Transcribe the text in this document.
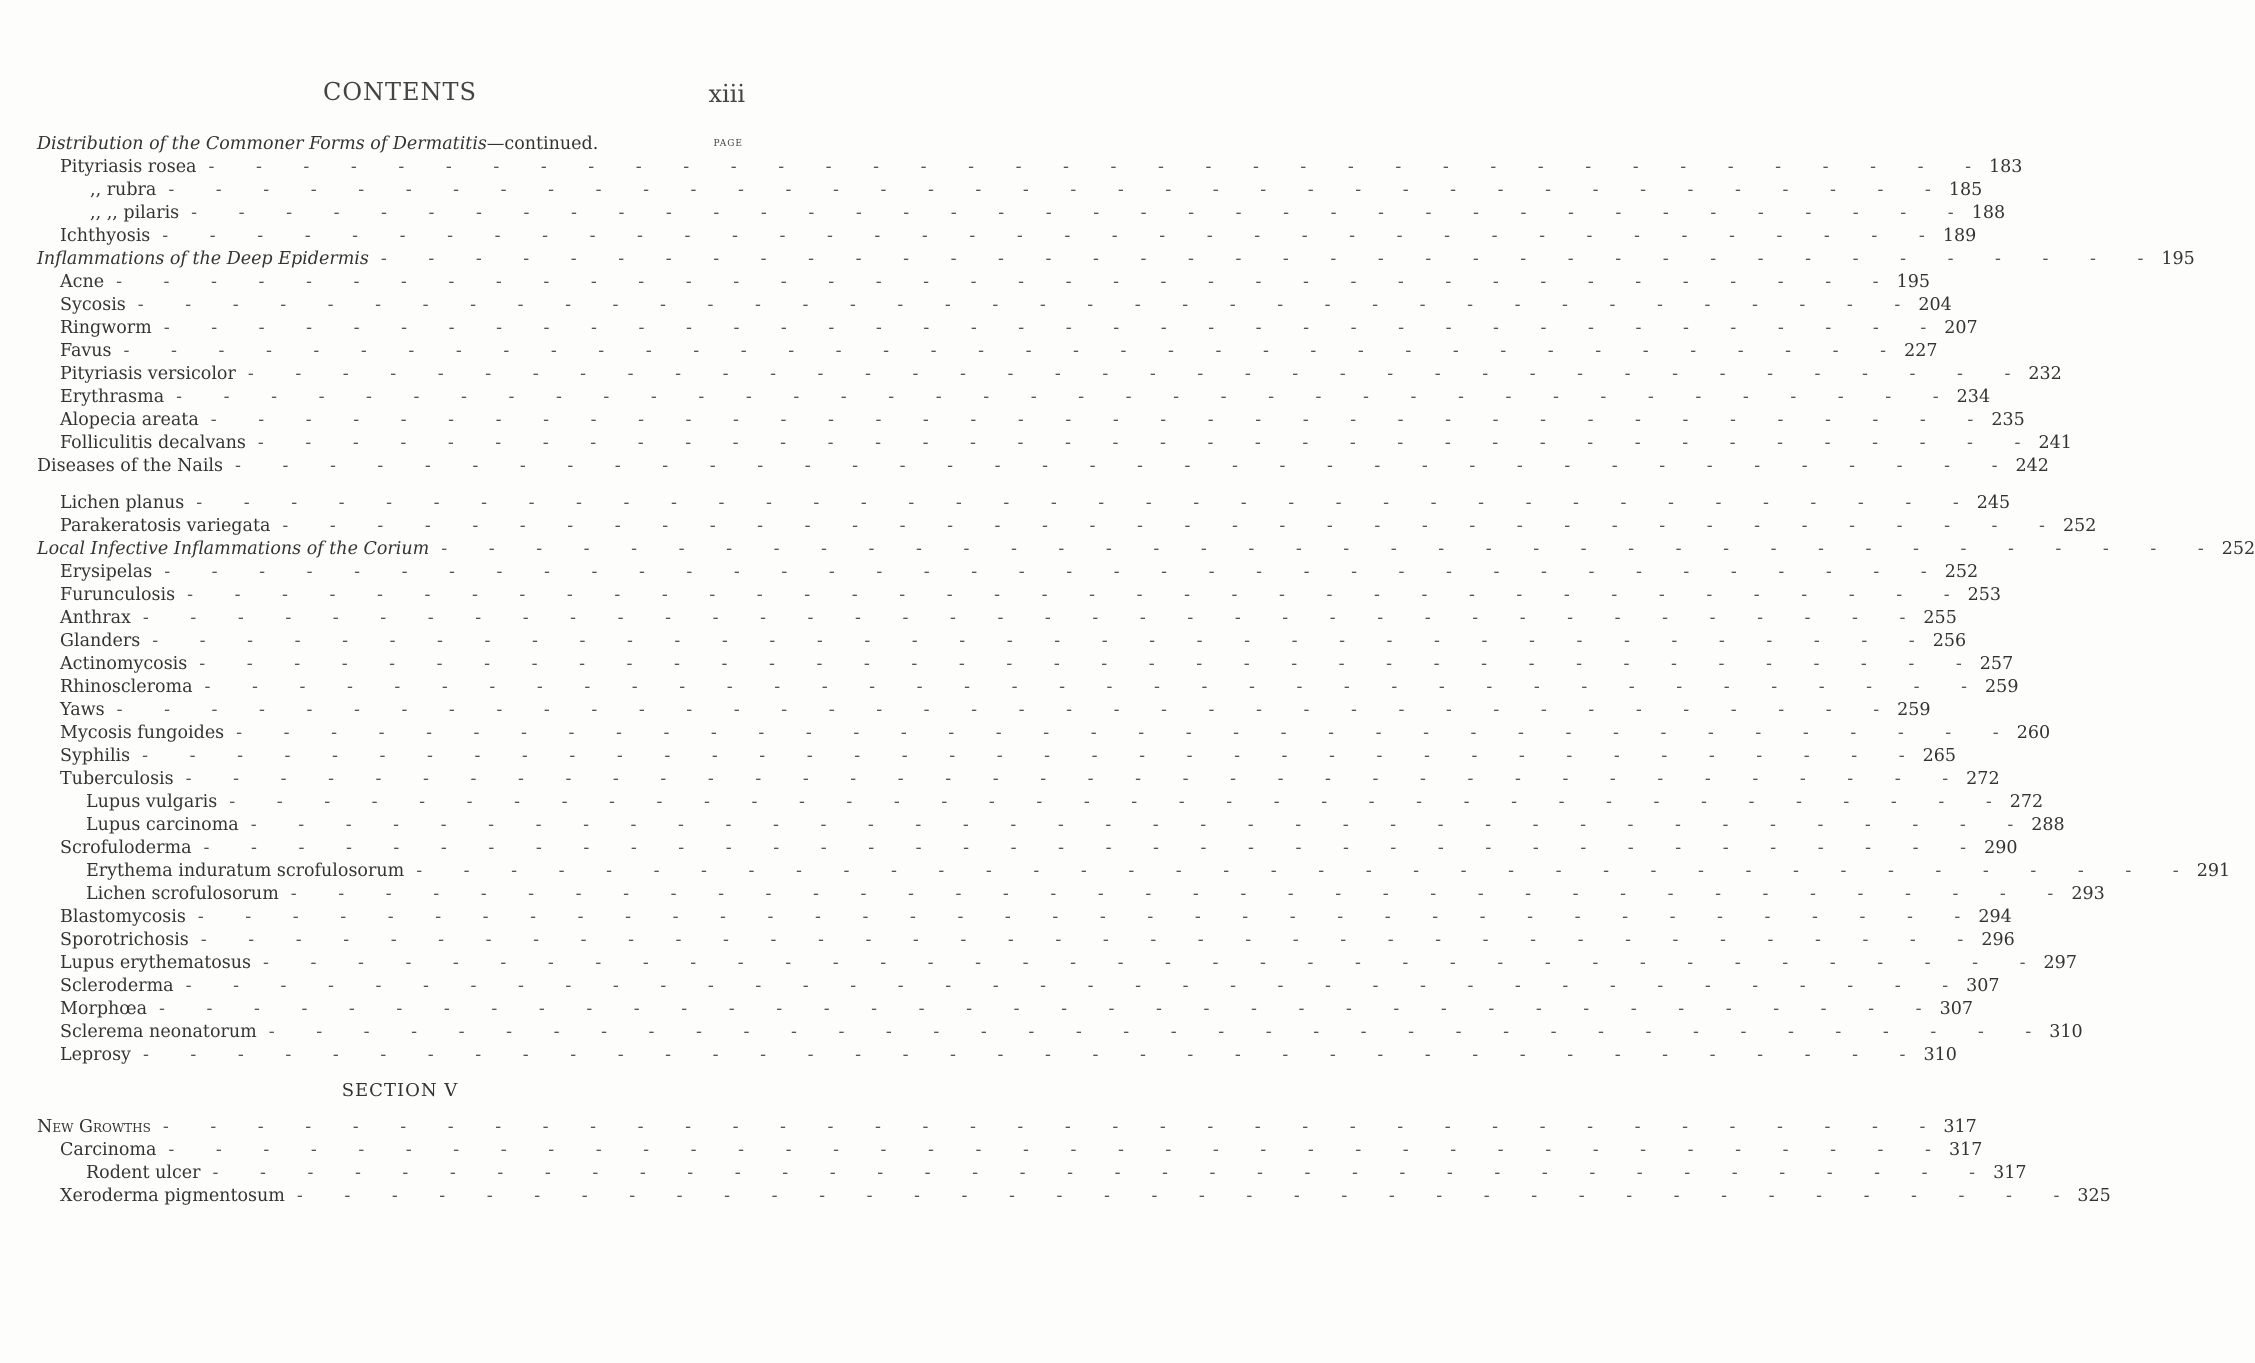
CONTENTS	xiii
PAGE
Distribution of the Commoner Forms of Dermatitis—continued.
Pityriasis rosea - - - - - - - - - - - - - - - - - - - - - - - - - - - - - - - - - - - - - - 183
,, rubra - - - - - - - - - - - - - - - - - - - - - - - - - - - - - - - - - - - - - - 185
,, ,, pilaris - - - - - - - - - - - - - - - - - - - - - - - - - - - - - - - - - - - - - - 188
Ichthyosis - - - - - - - - - - - - - - - - - - - - - - - - - - - - - - - - - - - - - - 189
Inflammations of the Deep Epidermis - - - - - - - - - - - - - - - - - - - - - - - - - - - - - - - - - - - - - - 195
Acne - - - - - - - - - - - - - - - - - - - - - - - - - - - - - - - - - - - - - - 195
Sycosis - - - - - - - - - - - - - - - - - - - - - - - - - - - - - - - - - - - - - - 204
Ringworm - - - - - - - - - - - - - - - - - - - - - - - - - - - - - - - - - - - - - - 207
Favus - - - - - - - - - - - - - - - - - - - - - - - - - - - - - - - - - - - - - - 227
Pityriasis versicolor - - - - - - - - - - - - - - - - - - - - - - - - - - - - - - - - - - - - - - 232
Erythrasma - - - - - - - - - - - - - - - - - - - - - - - - - - - - - - - - - - - - - - 234
Alopecia areata - - - - - - - - - - - - - - - - - - - - - - - - - - - - - - - - - - - - - - 235
Folliculitis decalvans - - - - - - - - - - - - - - - - - - - - - - - - - - - - - - - - - - - - - - 241
Diseases of the Nails - - - - - - - - - - - - - - - - - - - - - - - - - - - - - - - - - - - - - - 242
Lichen planus - - - - - - - - - - - - - - - - - - - - - - - - - - - - - - - - - - - - - - 245
Parakeratosis variegata - - - - - - - - - - - - - - - - - - - - - - - - - - - - - - - - - - - - - - 252
Local Infective Inflammations of the Corium - - - - - - - - - - - - - - - - - - - - - - - - - - - - - - - - - - - - - - 252
Erysipelas - - - - - - - - - - - - - - - - - - - - - - - - - - - - - - - - - - - - - - 252
Furunculosis - - - - - - - - - - - - - - - - - - - - - - - - - - - - - - - - - - - - - - 253
Anthrax - - - - - - - - - - - - - - - - - - - - - - - - - - - - - - - - - - - - - - 255
Glanders - - - - - - - - - - - - - - - - - - - - - - - - - - - - - - - - - - - - - - 256
Actinomycosis - - - - - - - - - - - - - - - - - - - - - - - - - - - - - - - - - - - - - - 257
Rhinoscleroma - - - - - - - - - - - - - - - - - - - - - - - - - - - - - - - - - - - - - - 259
Yaws - - - - - - - - - - - - - - - - - - - - - - - - - - - - - - - - - - - - - - 259
Mycosis fungoides - - - - - - - - - - - - - - - - - - - - - - - - - - - - - - - - - - - - - - 260
Syphilis - - - - - - - - - - - - - - - - - - - - - - - - - - - - - - - - - - - - - - 265
Tuberculosis - - - - - - - - - - - - - - - - - - - - - - - - - - - - - - - - - - - - - - 272
Lupus vulgaris - - - - - - - - - - - - - - - - - - - - - - - - - - - - - - - - - - - - - - 272
Lupus carcinoma - - - - - - - - - - - - - - - - - - - - - - - - - - - - - - - - - - - - - - 288
Scrofuloderma - - - - - - - - - - - - - - - - - - - - - - - - - - - - - - - - - - - - - - 290
Erythema induratum scrofulosorum - - - - - - - - - - - - - - - - - - - - - - - - - - - - - - - - - - - - - - 291
Lichen scrofulosorum - - - - - - - - - - - - - - - - - - - - - - - - - - - - - - - - - - - - - - 293
Blastomycosis - - - - - - - - - - - - - - - - - - - - - - - - - - - - - - - - - - - - - - 294
Sporotrichosis - - - - - - - - - - - - - - - - - - - - - - - - - - - - - - - - - - - - - - 296
Lupus erythematosus - - - - - - - - - - - - - - - - - - - - - - - - - - - - - - - - - - - - - - 297
Scleroderma - - - - - - - - - - - - - - - - - - - - - - - - - - - - - - - - - - - - - - 307
Morphœa - - - - - - - - - - - - - - - - - - - - - - - - - - - - - - - - - - - - - - 307
Sclerema neonatorum - - - - - - - - - - - - - - - - - - - - - - - - - - - - - - - - - - - - - - 310
Leprosy - - - - - - - - - - - - - - - - - - - - - - - - - - - - - - - - - - - - - - 310
SECTION V
New Growths - - - - - - - - - - - - - - - - - - - - - - - - - - - - - - - - - - - - - - 317
Carcinoma - - - - - - - - - - - - - - - - - - - - - - - - - - - - - - - - - - - - - - 317
Rodent ulcer - - - - - - - - - - - - - - - - - - - - - - - - - - - - - - - - - - - - - - 317
Xeroderma pigmentosum - - - - - - - - - - - - - - - - - - - - - - - - - - - - - - - - - - - - - - 325
